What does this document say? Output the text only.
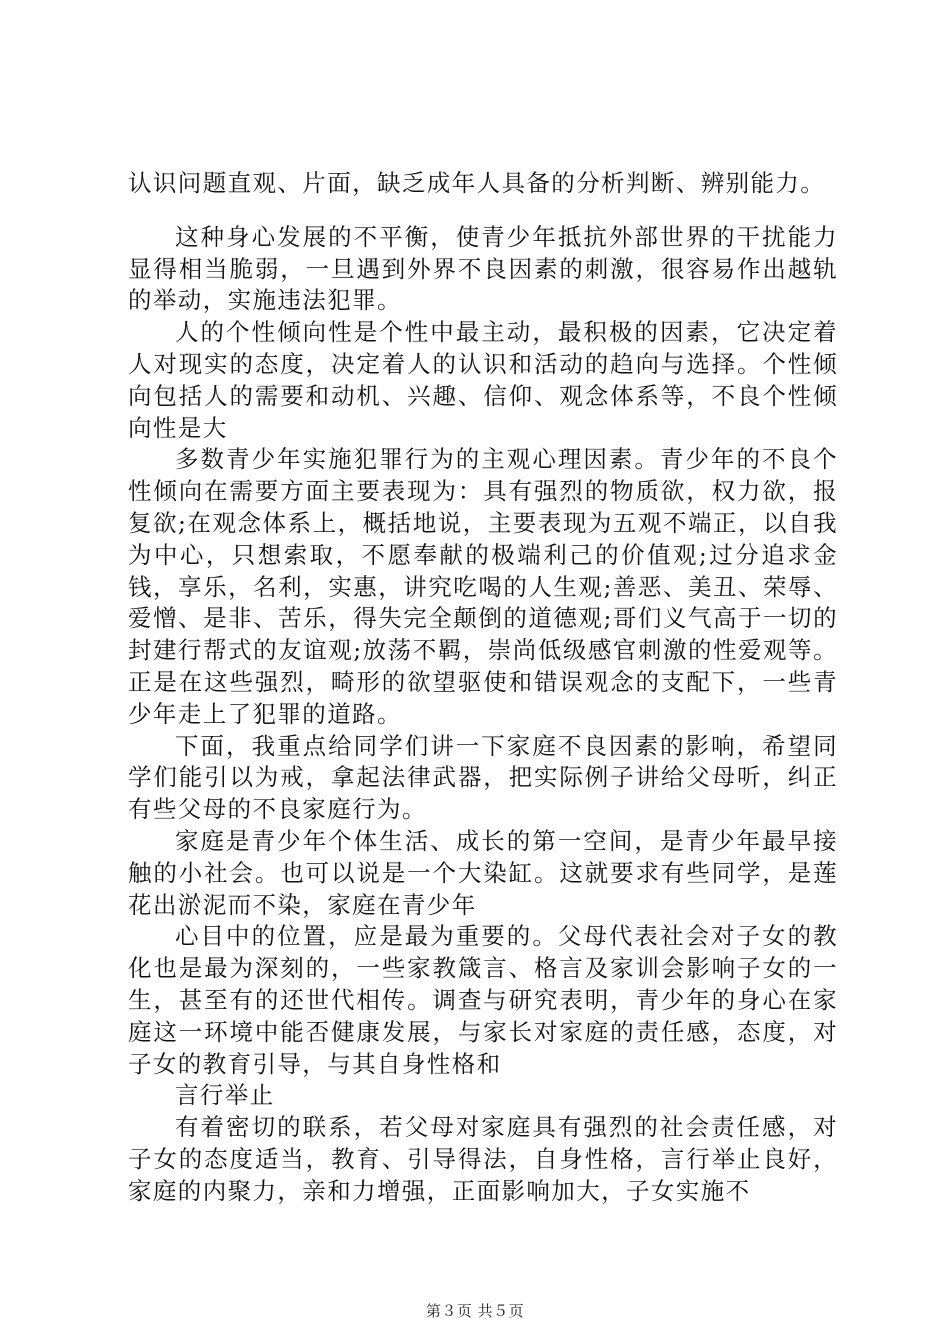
认识问题直观、片面，缺乏成年人具备的分析判断、辨别能力。

这种身心发展的不平衡，使青少年抵抗外部世界的干扰能力显得相当脆弱，一旦遇到外界不良因素的刺激，很容易作出越轨的举动，实施违法犯罪。

人的个性倾向性是个性中最主动，最积极的因素，它决定着人对现实的态度，决定着人的认识和活动的趋向与选择。个性倾向包括人的需要和动机、兴趣、信仰、观念体系等，不良个性倾向性是大

多数青少年实施犯罪行为的主观心理因素。青少年的不良个性倾向在需要方面主要表现为：具有强烈的物质欲，权力欲，报复欲;在观念体系上，概括地说，主要表现为五观不端正，以自我为中心，只想索取，不愿奉献的极端利己的价值观;过分追求金钱，享乐，名利，实惠，讲究吃喝的人生观;善恶、美丑、荣辱、爱憎、是非、苦乐，得失完全颠倒的道德观;哥们义气高于一切的封建行帮式的友谊观;放荡不羁，崇尚低级感官刺激的性爱观等。正是在这些强烈，畸形的欲望驱使和错误观念的支配下，一些青少年走上了犯罪的道路。

下面，我重点给同学们讲一下家庭不良因素的影响，希望同学们能引以为戒，拿起法律武器，把实际例子讲给父母听，纠正有些父母的不良家庭行为。

家庭是青少年个体生活、成长的第一空间，是青少年最早接触的小社会。也可以说是一个大染缸。这就要求有些同学，是莲花出淤泥而不染，家庭在青少年

心目中的位置，应是最为重要的。父母代表社会对子女的教化也是最为深刻的，一些家教箴言、格言及家训会影响子女的一生，甚至有的还世代相传。调查与研究表明，青少年的身心在家庭这一环境中能否健康发展，与家长对家庭的责任感，态度，对子女的教育引导，与其自身性格和

言行举止

有着密切的联系，若父母对家庭具有强烈的社会责任感，对子女的态度适当，教育、引导得法，自身性格，言行举止良好，家庭的内聚力，亲和力增强，正面影响加大，子女实施不

第３页 共５页
